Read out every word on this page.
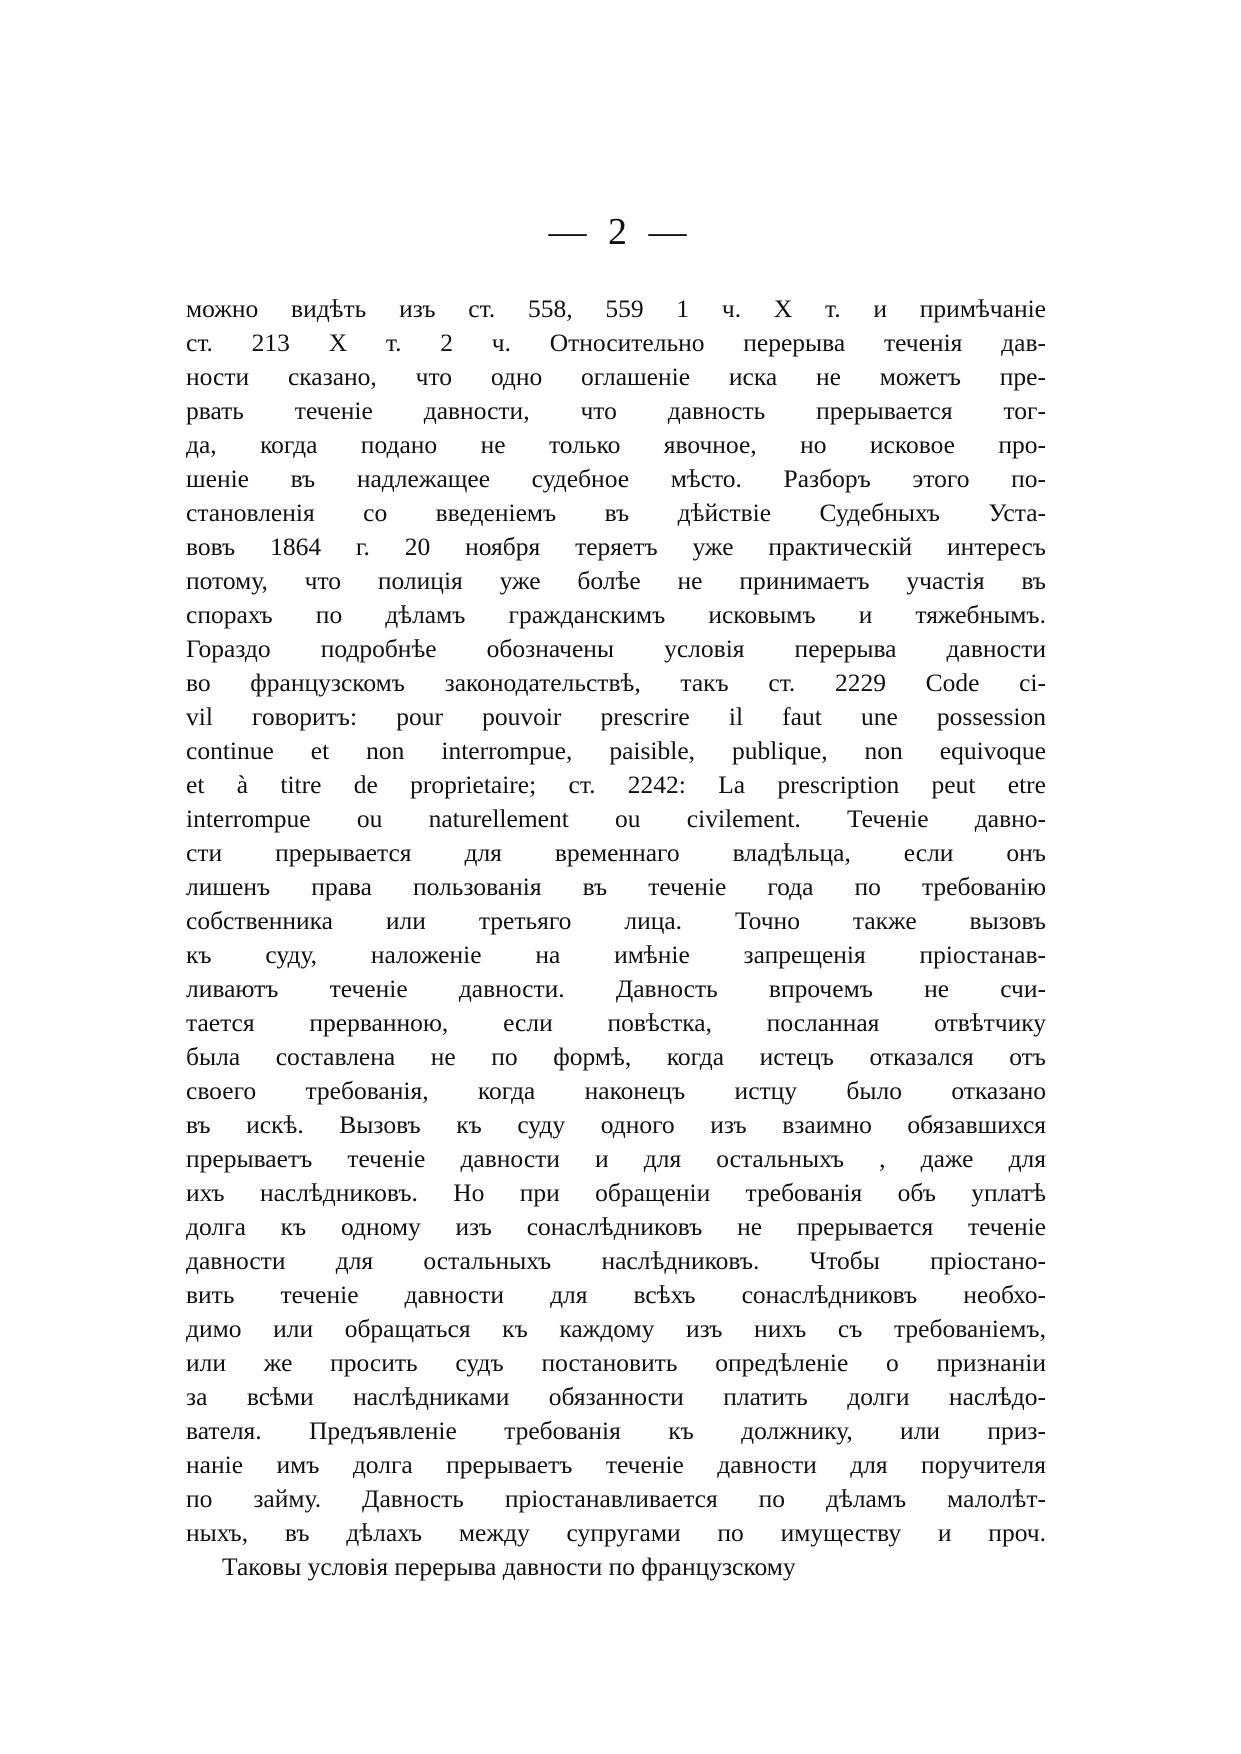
— 2 —
можно видѣть изъ ст. 558, 559 1 ч. X т. и примѣчаніе
ст. 213 X т. 2 ч. Относительно перерыва теченія дав-
ности сказано, что одно оглашеніе иска не можетъ пре-
рвать теченіе давности, что давность прерывается тог-
да, когда подано не только явочное, но исковое про-
шеніе въ надлежащее судебное мѣсто. Разборъ этого по-
становленія со введеніемъ въ дѣйствіе Судебныхъ Уста-
вовъ 1864 г. 20 ноября теряетъ уже практическій интересъ
потому, что полиція уже болѣе не принимаетъ участія въ
спорахъ по дѣламъ гражданскимъ исковымъ и тяжебнымъ.
Гораздо подробнѣе обозначены условія перерыва давности
во французскомъ законодательствѣ, такъ ст. 2229 Code ci-
vil говоритъ: pour pouvoir prescrire il faut une possession
continue et non interrompue, paisible, publique, non equivoque
et à titre de proprietaire; ст. 2242: La prescription peut etre
interrompue ou naturellement ou civilement. Теченіе давно-
сти прерывается для временнаго владѣльца, если онъ
лишенъ права пользованія въ теченіе года по требованію
собственника или третьяго лица. Точно также вызовъ
къ суду, наложеніе на имѣніе запрещенія пріостанав-
ливаютъ теченіе давности. Давность впрочемъ не счи-
тается прерванною, если повѣстка, посланная отвѣтчику
была составлена не по формѣ, когда истецъ отказался отъ
своего требованія, когда наконецъ истцу было отказано
въ искѣ. Вызовъ къ суду одного изъ взаимно обязавшихся
прерываетъ теченіе давности и для остальныхъ , даже для
ихъ наслѣдниковъ. Но при обращеніи требованія объ уплатѣ
долга къ одному изъ сонаслѣдниковъ не прерывается теченіе
давности для остальныхъ наслѣдниковъ. Чтобы пріостано-
вить теченіе давности для всѣхъ сонаслѣдниковъ необхо-
димо или обращаться къ каждому изъ нихъ съ требованіемъ,
или же просить судъ постановить опредѣленіе о признаніи
за всѣми наслѣдниками обязанности платить долги наслѣдо-
вателя. Предъявленіе требованія къ должнику, или приз-
наніе имъ долга прерываетъ теченіе давности для поручителя
по займу. Давность пріостанавливается по дѣламъ малолѣт-
ныхъ, въ дѣлахъ между супругами по имуществу и проч.
Таковы условія перерыва давности по французскому
